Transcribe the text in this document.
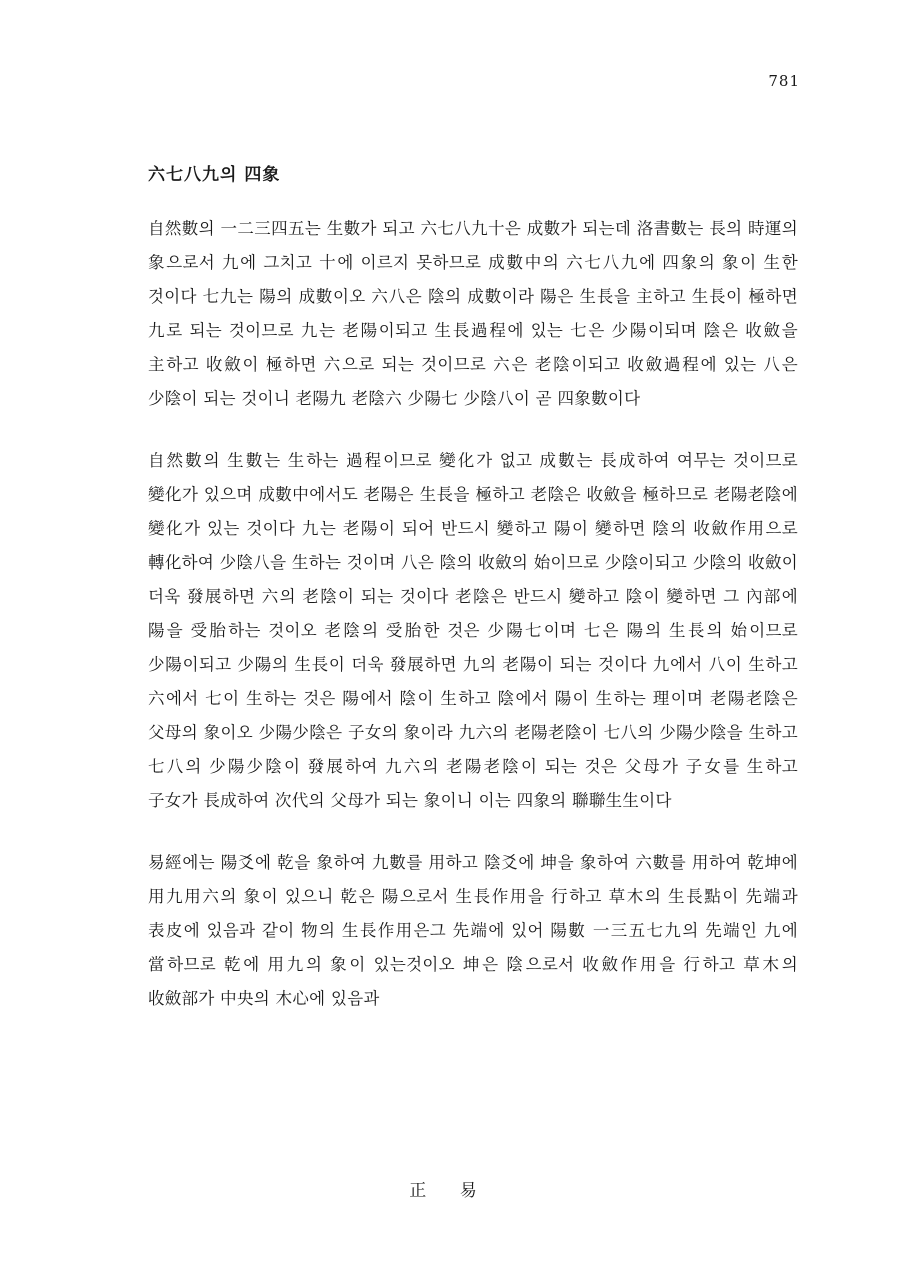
781
六七八九의 四象

自然數의 一二三四五는 生數가 되고 六七八九十은 成數가 되는데 洛書數는 長의 時運의 象으로서 九에 그치고 十에 이르지 못하므로 成數中의 六七八九에 四象의 象이 生한 것이다 七九는 陽의 成數이오 六八은 陰의 成數이라 陽은 生長을 主하고 生長이 極하면 九로 되는 것이므로 九는 老陽이되고 生長過程에 있는 七은 少陽이되며 陰은 收斂을 主하고 收斂이 極하면 六으로 되는 것이므로 六은 老陰이되고 收斂過程에 있는 八은 少陰이 되는 것이니 老陽九 老陰六 少陽七 少陰八이 곧 四象數이다

自然數의 生數는 生하는 過程이므로 變化가 없고 成數는 長成하여 여무는 것이므로 變化가 있으며 成數中에서도 老陽은 生長을 極하고 老陰은 收斂을 極하므로 老陽老陰에 變化가 있는 것이다 九는 老陽이 되어 반드시 變하고 陽이 變하면 陰의 收斂作用으로 轉化하여 少陰八을 生하는 것이며 八은 陰의 收斂의 始이므로 少陰이되고 少陰의 收斂이 더욱 發展하면 六의 老陰이 되는 것이다 老陰은 반드시 變하고 陰이 變하면 그 內部에 陽을 受胎하는 것이오 老陰의 受胎한 것은 少陽七이며 七은 陽의 生長의 始이므로 少陽이되고 少陽의 生長이 더욱 發展하면 九의 老陽이 되는 것이다 九에서 八이 生하고 六에서 七이 生하는 것은 陽에서 陰이 生하고 陰에서 陽이 生하는 理이며 老陽老陰은 父母의 象이오 少陽少陰은 子女의 象이라 九六의 老陽老陰이 七八의 少陽少陰을 生하고 七八의 少陽少陰이 發展하여 九六의 老陽老陰이 되는 것은 父母가 子女를 生하고 子女가 長成하여 次代의 父母가 되는 象이니 이는 四象의 聯聯生生이다

易經에는 陽爻에 乾을 象하여 九數를 用하고 陰爻에 坤을 象하여 六數를 用하여 乾坤에 用九用六의 象이 있으니 乾은 陽으로서 生長作用을 行하고 草木의 生長點이 先端과 表皮에 있음과 같이 物의 生長作用은그 先端에 있어 陽數 一三五七九의 先端인 九에 當하므로 乾에 用九의 象이 있는것이오 坤은 陰으로서 收斂作用을 行하고 草木의 收斂部가 中央의 木心에 있음과

正 易
